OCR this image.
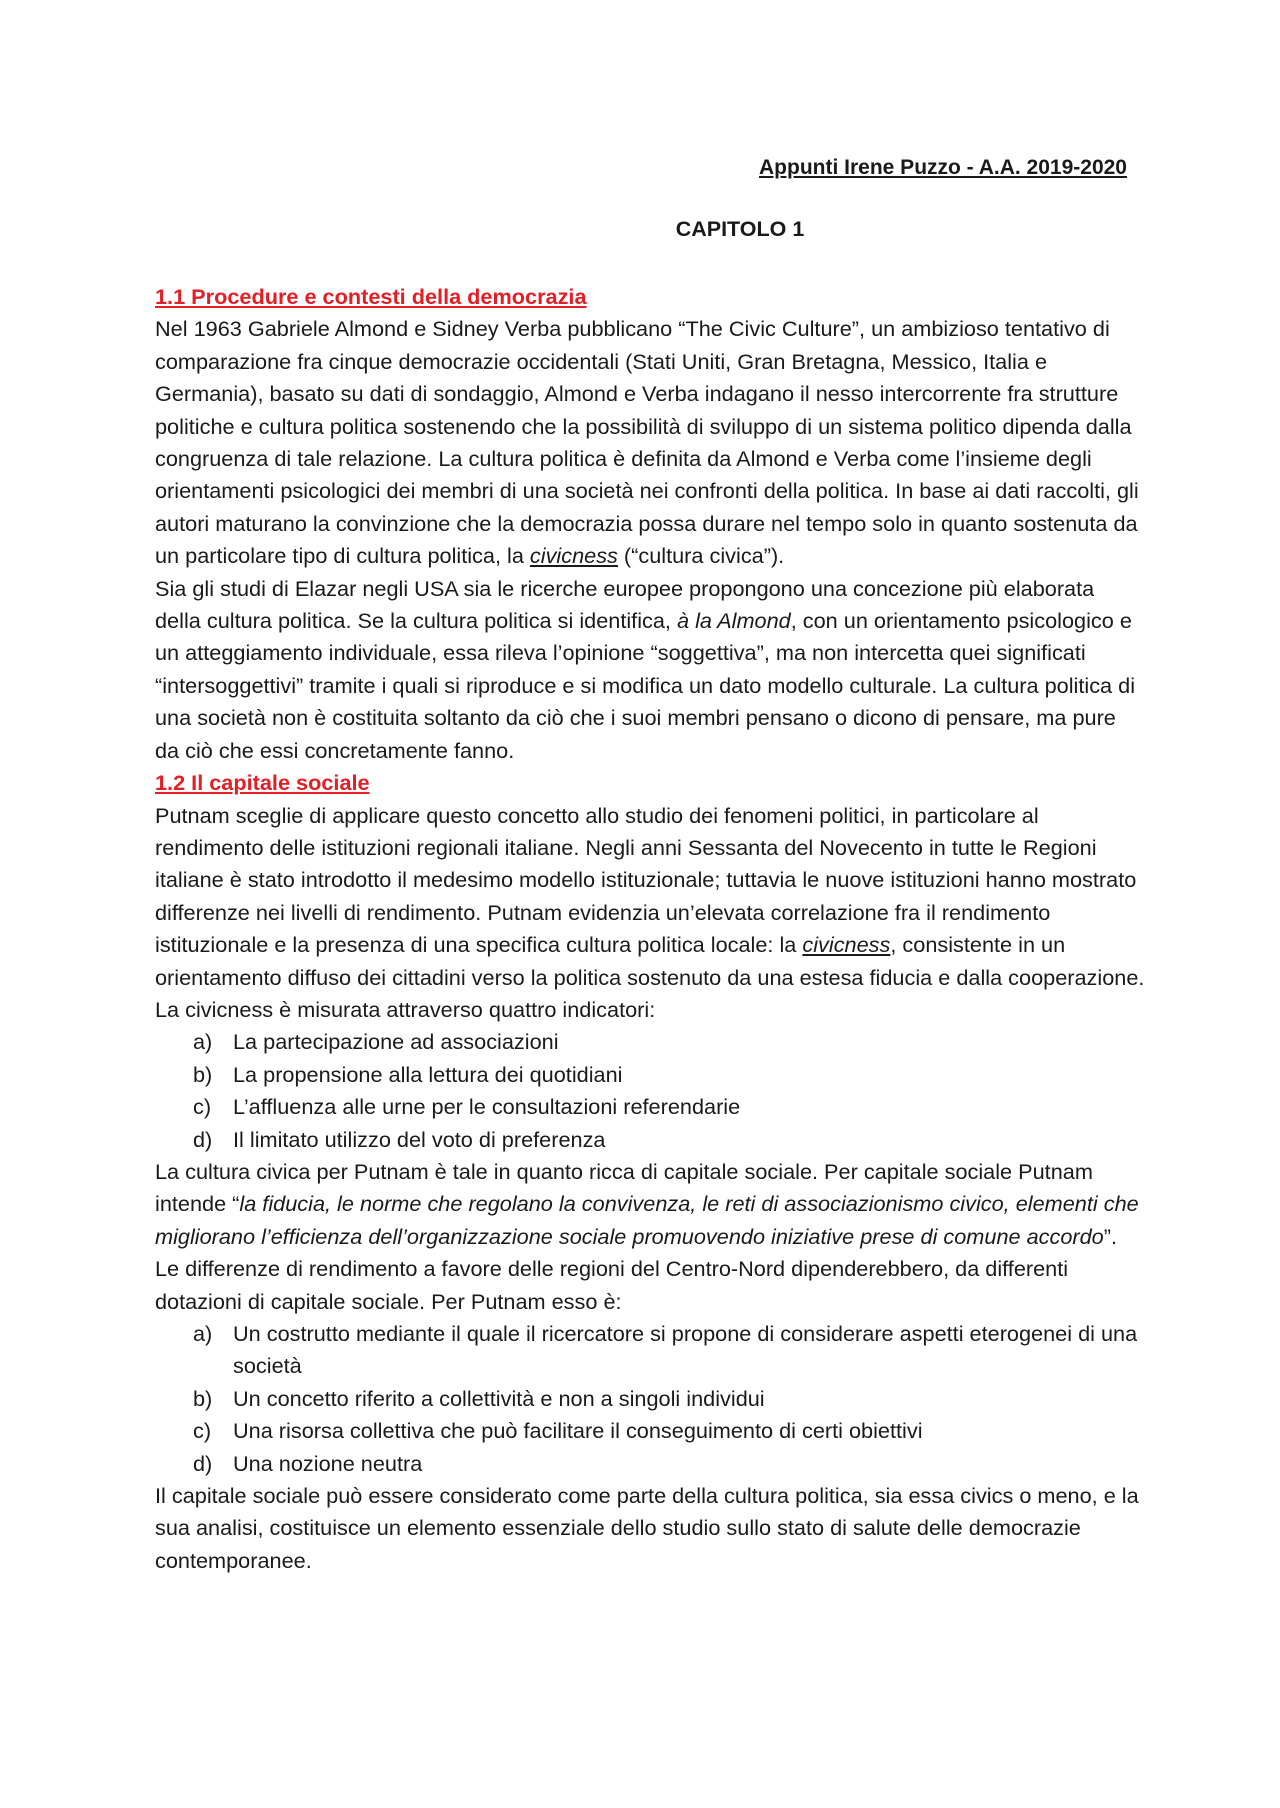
Appunti Irene Puzzo - A.A. 2019-2020
CAPITOLO 1
1.1 Procedure e contesti della democrazia

Nel 1963 Gabriele Almond e Sidney Verba pubblicano “The Civic Culture”, un ambizioso tentativo di comparazione fra cinque democrazie occidentali (Stati Uniti, Gran Bretagna, Messico, Italia e Germania), basato su dati di sondaggio, Almond e Verba indagano il nesso intercorrente fra strutture politiche e cultura politica sostenendo che la possibilità di sviluppo di un sistema politico dipenda dalla congruenza di tale relazione. La cultura politica è definita da Almond e Verba come l’insieme degli orientamenti psicologici dei membri di una società nei confronti della politica. In base ai dati raccolti, gli autori maturano la convinzione che la democrazia possa durare nel tempo solo in quanto sostenuta da un particolare tipo di cultura politica, la civicness (“cultura civica”).

Sia gli studi di Elazar negli USA sia le ricerche europee propongono una concezione più elaborata della cultura politica. Se la cultura politica si identifica, à la Almond, con un orientamento psicologico e un atteggiamento individuale, essa rileva l’opinione “soggettiva”, ma non intercetta quei significati “intersoggettivi” tramite i quali si riproduce e si modifica un dato modello culturale. La cultura politica di una società non è costituita soltanto da ciò che i suoi membri pensano o dicono di pensare, ma pure da ciò che essi concretamente fanno.

1.2 Il capitale sociale

Putnam sceglie di applicare questo concetto allo studio dei fenomeni politici, in particolare al rendimento delle istituzioni regionali italiane. Negli anni Sessanta del Novecento in tutte le Regioni italiane è stato introdotto il medesimo modello istituzionale; tuttavia le nuove istituzioni hanno mostrato differenze nei livelli di rendimento. Putnam evidenzia un’elevata correlazione fra il rendimento istituzionale e la presenza di una specifica cultura politica locale: la civicness, consistente in un orientamento diffuso dei cittadini verso la politica sostenuto da una estesa fiducia e dalla cooperazione. La civicness è misurata attraverso quattro indicatori:

a) La partecipazione ad associazioni
b) La propensione alla lettura dei quotidiani
c) L’affluenza alle urne per le consultazioni referendarie
d) Il limitato utilizzo del voto di preferenza

La cultura civica per Putnam è tale in quanto ricca di capitale sociale. Per capitale sociale Putnam intende “la fiducia, le norme che regolano la convivenza, le reti di associazionismo civico, elementi che migliorano l’efficienza dell’organizzazione sociale promuovendo iniziative prese di comune accordo”. Le differenze di rendimento a favore delle regioni del Centro-Nord dipenderebbero, da differenti dotazioni di capitale sociale. Per Putnam esso è:

a) Un costrutto mediante il quale il ricercatore si propone di considerare aspetti eterogenei di una società
b) Un concetto riferito a collettività e non a singoli individui
c) Una risorsa collettiva che può facilitare il conseguimento di certi obiettivi
d) Una nozione neutra

Il capitale sociale può essere considerato come parte della cultura politica, sia essa civics o meno, e la sua analisi, costituisce un elemento essenziale dello studio sullo stato di salute delle democrazie contemporanee.
